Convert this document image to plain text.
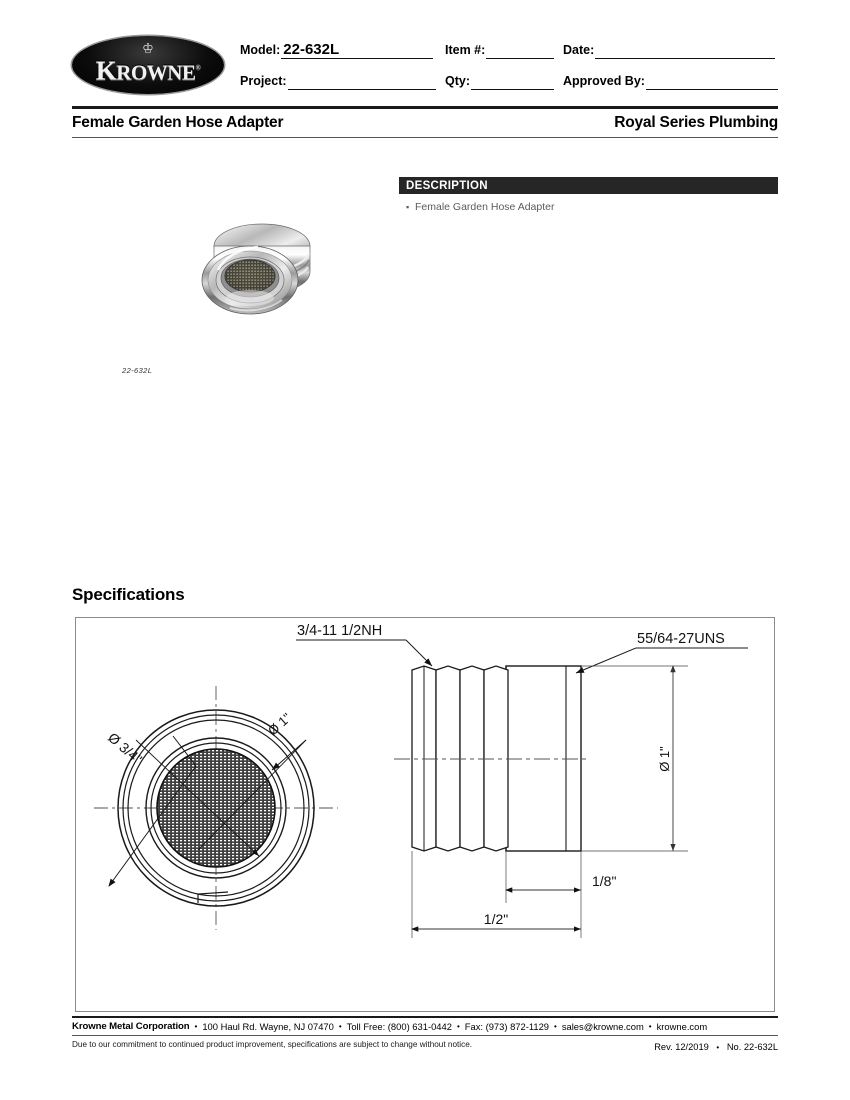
♔
KROWNE®
Model: 22-632L	Item #:	Date:
Project:	Qty:	Approved By:
Female Garden Hose Adapter	Royal Series Plumbing
DESCRIPTION
▪ Female Garden Hose Adapter
22-632L
Specifications
Ø 3/4"
Ø 1"
3/4-11 1/2NH	55/64-27UNS
Ø 1"
1/8"
1/2"
Krowne Metal Corporation • 100 Haul Rd. Wayne, NJ 07470 • Toll Free: (800) 631-0442 • Fax: (973) 872-1129 • sales@krowne.com • krowne.com
Due to our commitment to continued product improvement, specifications are subject to change without notice.	Rev. 12/2019 • No. 22-632L
